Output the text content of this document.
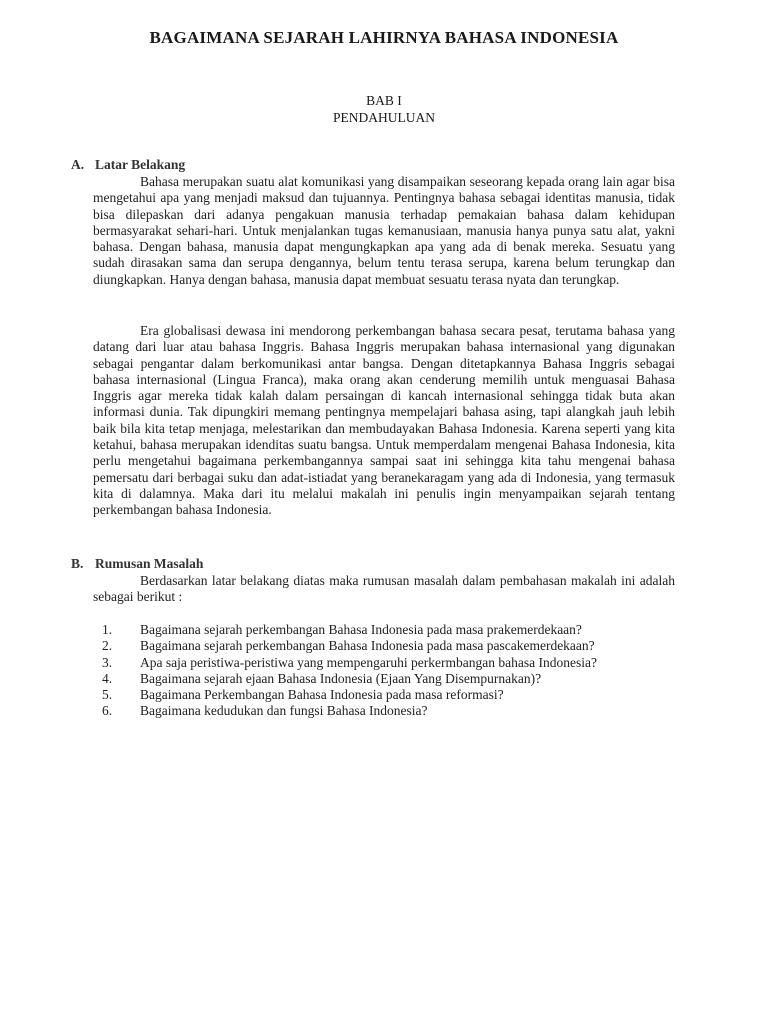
BAGAIMANA SEJARAH LAHIRNYA BAHASA INDONESIA
BAB I
PENDAHULUAN
A. Latar Belakang

Bahasa merupakan suatu alat komunikasi yang disampaikan seseorang kepada orang lain agar bisa mengetahui apa yang menjadi maksud dan tujuannya. Pentingnya bahasa sebagai identitas manusia, tidak bisa dilepaskan dari adanya pengakuan manusia terhadap pemakaian bahasa dalam kehidupan bermasyarakat sehari-hari. Untuk menjalankan tugas kemanusiaan, manusia hanya punya satu alat, yakni bahasa. Dengan bahasa, manusia dapat mengungkapkan apa yang ada di benak mereka. Sesuatu yang sudah dirasakan sama dan serupa dengannya, belum tentu terasa serupa, karena belum terungkap dan diungkapkan. Hanya dengan bahasa, manusia dapat membuat sesuatu terasa nyata dan terungkap.

Era globalisasi dewasa ini mendorong perkembangan bahasa secara pesat, terutama bahasa yang datang dari luar atau bahasa Inggris. Bahasa Inggris merupakan bahasa internasional yang digunakan sebagai pengantar dalam berkomunikasi antar bangsa. Dengan ditetapkannya Bahasa Inggris sebagai bahasa internasional (Lingua Franca), maka orang akan cenderung memilih untuk menguasai Bahasa Inggris agar mereka tidak kalah dalam persaingan di kancah internasional sehingga tidak buta akan informasi dunia. Tak dipungkiri memang pentingnya mempelajari bahasa asing, tapi alangkah jauh lebih baik bila kita tetap menjaga, melestarikan dan membudayakan Bahasa Indonesia. Karena seperti yang kita ketahui, bahasa merupakan idenditas suatu bangsa. Untuk memperdalam mengenai Bahasa Indonesia, kita perlu mengetahui bagaimana perkembangannya sampai saat ini sehingga kita tahu mengenai bahasa pemersatu dari berbagai suku dan adat-istiadat yang beranekaragam yang ada di Indonesia, yang termasuk kita di dalamnya. Maka dari itu melalui makalah ini penulis ingin menyampaikan sejarah tentang perkembangan bahasa Indonesia.

B. Rumusan Masalah

Berdasarkan latar belakang diatas maka rumusan masalah dalam pembahasan makalah ini adalah sebagai berikut :

1.	Bagaimana sejarah perkembangan Bahasa Indonesia pada masa prakemerdekaan?
2.	Bagaimana sejarah perkembangan Bahasa Indonesia pada masa pascakemerdekaan?
3.	Apa saja peristiwa-peristiwa yang mempengaruhi perkermbangan bahasa Indonesia?
4.	Bagaimana sejarah ejaan Bahasa Indonesia (Ejaan Yang Disempurnakan)?
5.	Bagaimana Perkembangan Bahasa Indonesia pada masa reformasi?
6.	Bagaimana kedudukan dan fungsi Bahasa Indonesia?
